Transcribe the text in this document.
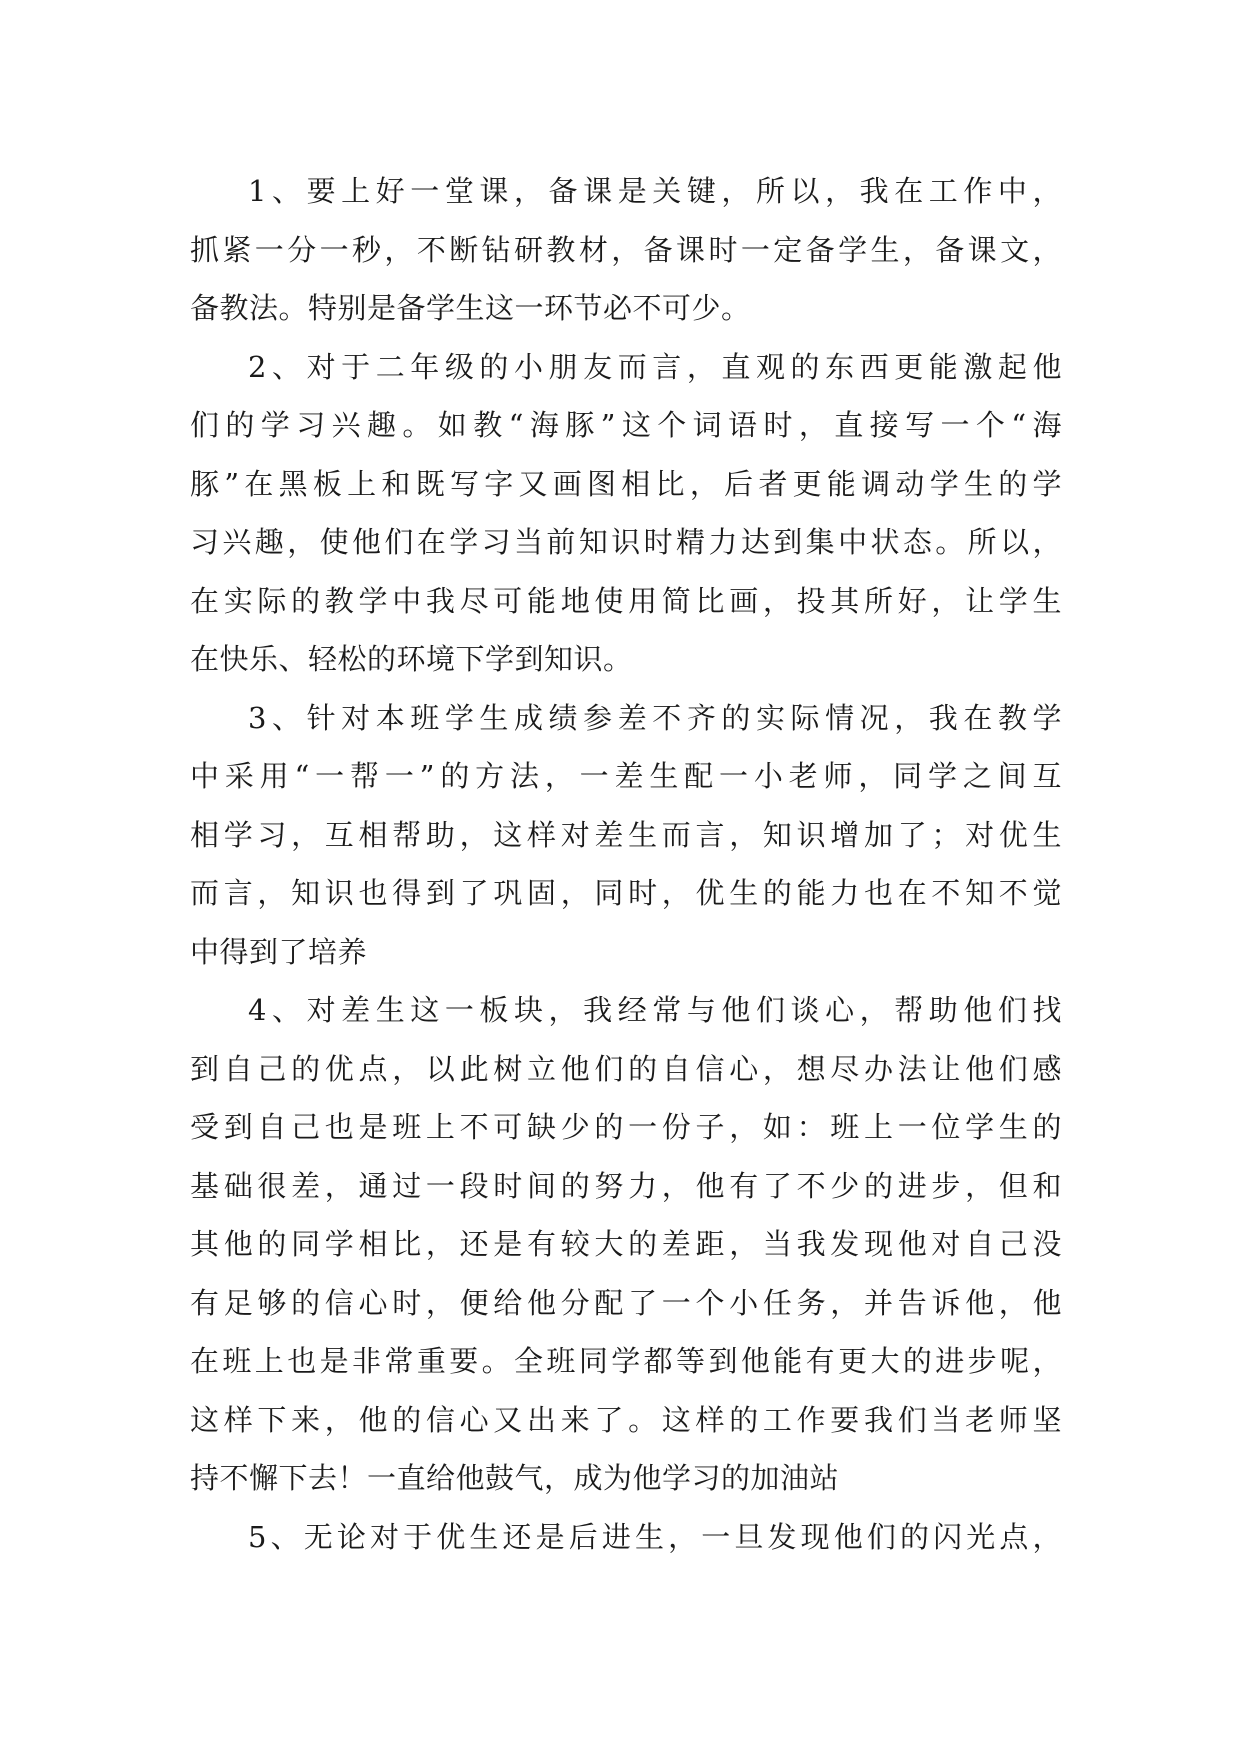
1、要上好一堂课，备课是关键，所以，我在工作中，
抓紧一分一秒，不断钻研教材，备课时一定备学生，备课文，
备教法。特别是备学生这一环节必不可少。
2、对于二年级的小朋友而言，直观的东西更能激起他
们的学习兴趣。如教“海豚”这个词语时，直接写一个“海
豚”在黑板上和既写字又画图相比，后者更能调动学生的学
习兴趣，使他们在学习当前知识时精力达到集中状态。所以，
在实际的教学中我尽可能地使用简比画，投其所好，让学生
在快乐、轻松的环境下学到知识。
3、针对本班学生成绩参差不齐的实际情况，我在教学
中采用“一帮一”的方法，一差生配一小老师，同学之间互
相学习，互相帮助，这样对差生而言，知识增加了；对优生
而言，知识也得到了巩固，同时，优生的能力也在不知不觉
中得到了培养
4、对差生这一板块，我经常与他们谈心，帮助他们找
到自己的优点，以此树立他们的自信心，想尽办法让他们感
受到自己也是班上不可缺少的一份子，如：班上一位学生的
基础很差，通过一段时间的努力，他有了不少的进步，但和
其他的同学相比，还是有较大的差距，当我发现他对自己没
有足够的信心时，便给他分配了一个小任务，并告诉他，他
在班上也是非常重要。全班同学都等到他能有更大的进步呢，
这样下来，他的信心又出来了。这样的工作要我们当老师坚
持不懈下去！一直给他鼓气，成为他学习的加油站
5、无论对于优生还是后进生，一旦发现他们的闪光点，
